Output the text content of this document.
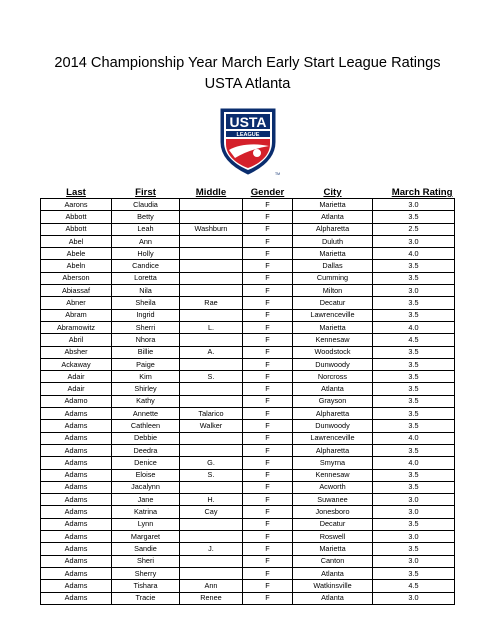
2014 Championship Year March Early Start League Ratings
USTA Atlanta
USTA
LEAGUE
TM
Last	First	Middle	Gender	City	March Rating
Aarons	Claudia		F	Marietta	3.0
Abbott	Betty		F	Atlanta	3.5
Abbott	Leah	Washburn	F	Alpharetta	2.5
Abel	Ann		F	Duluth	3.0
Abele	Holly		F	Marietta	4.0
Abeln	Candice		F	Dallas	3.5
Aberson	Loretta		F	Cumming	3.5
Abiassaf	Nila		F	Milton	3.0
Abner	Sheila	Rae	F	Decatur	3.5
Abram	Ingrid		F	Lawrenceville	3.5
Abramowitz	Sherri	L.	F	Marietta	4.0
Abril	Nhora		F	Kennesaw	4.5
Absher	Billie	A.	F	Woodstock	3.5
Ackaway	Paige		F	Dunwoody	3.5
Adair	Kim	S.	F	Norcross	3.5
Adair	Shirley		F	Atlanta	3.5
Adamo	Kathy		F	Grayson	3.5
Adams	Annette	Talarico	F	Alpharetta	3.5
Adams	Cathleen	Walker	F	Dunwoody	3.5
Adams	Debbie		F	Lawrenceville	4.0
Adams	Deedra		F	Alpharetta	3.5
Adams	Denice	G.	F	Smyrna	4.0
Adams	Eloise	S.	F	Kennesaw	3.5
Adams	Jacalynn		F	Acworth	3.5
Adams	Jane	H.	F	Suwanee	3.0
Adams	Katrina	Cay	F	Jonesboro	3.0
Adams	Lynn		F	Decatur	3.5
Adams	Margaret		F	Roswell	3.0
Adams	Sandie	J.	F	Marietta	3.5
Adams	Sheri		F	Canton	3.0
Adams	Sherry		F	Atlanta	3.5
Adams	Tishara	Ann	F	Watkinsville	4.5
Adams	Tracie	Renee	F	Atlanta	3.0
